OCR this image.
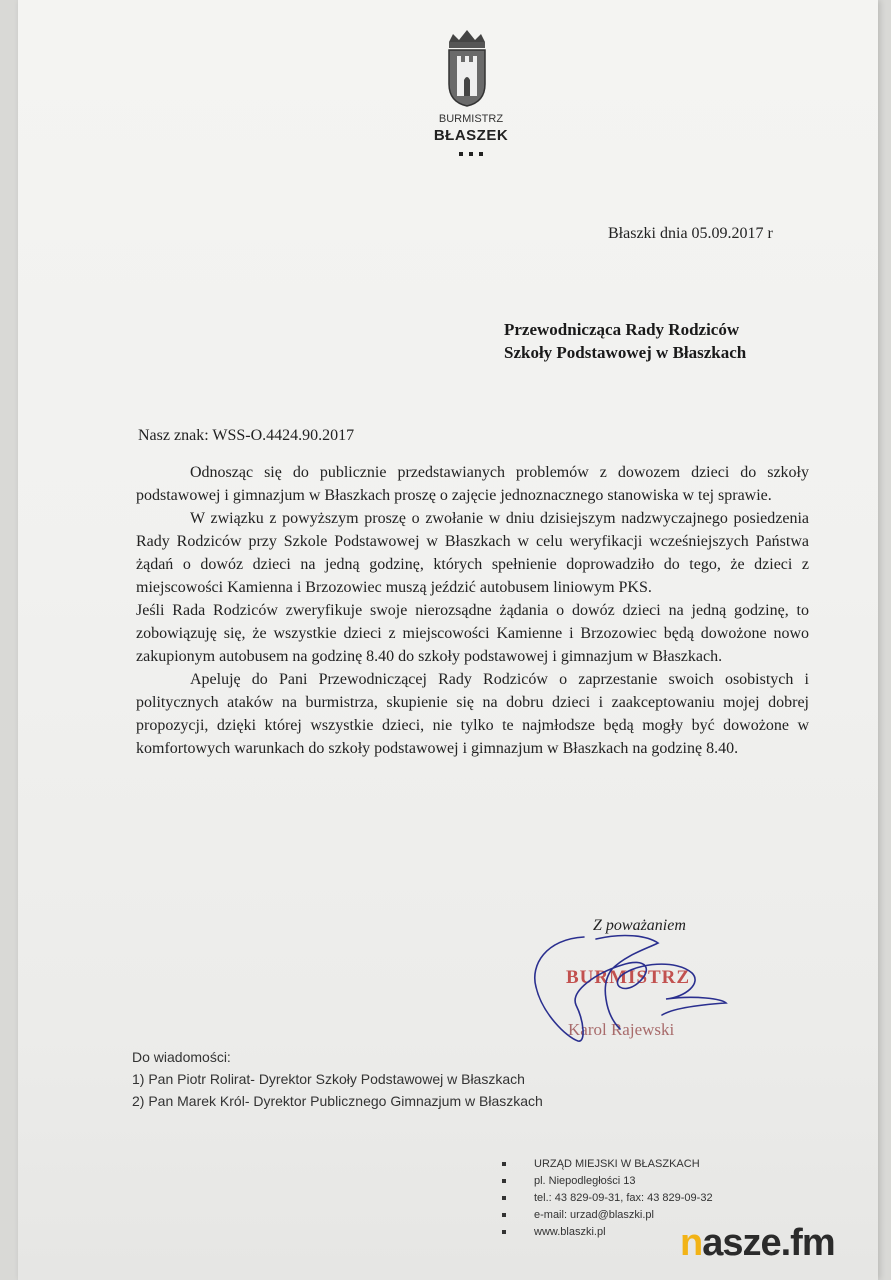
BURMISTRZ
BŁASZEK
Błaszki dnia 05.09.2017 r
Przewodnicząca Rady Rodziców
Szkoły Podstawowej w Błaszkach
Nasz znak: WSS-O.4424.90.2017

Odnosząc się do publicznie przedstawianych problemów z dowozem dzieci do szkoły podstawowej i gimnazjum w Błaszkach proszę o zajęcie jednoznacznego stanowiska w tej sprawie.

W związku z powyższym proszę o zwołanie w dniu dzisiejszym nadzwyczajnego posiedzenia Rady Rodziców przy Szkole Podstawowej w Błaszkach w celu weryfikacji wcześniejszych Państwa żądań o dowóz dzieci na jedną godzinę, których spełnienie doprowadziło do tego, że dzieci z miejscowości Kamienna i Brzozowiec muszą jeździć autobusem liniowym PKS.

Jeśli Rada Rodziców zweryfikuje swoje nierozsądne żądania o dowóz dzieci na jedną godzinę, to zobowiązuję się, że wszystkie dzieci z miejscowości Kamienne i Brzozowiec będą dowożone nowo zakupionym autobusem na godzinę 8.40 do szkoły podstawowej i gimnazjum w Błaszkach.

Apeluję do Pani Przewodniczącej Rady Rodziców o zaprzestanie swoich osobistych i politycznych ataków na burmistrza, skupienie się na dobru dzieci i zaakceptowaniu mojej dobrej propozycji, dzięki której wszystkie dzieci, nie tylko te najmłodsze będą mogły być dowożone w komfortowych warunkach do szkoły podstawowej i gimnazjum w Błaszkach na godzinę 8.40.

Z poważaniem
BURMISTRZ
Karol Rajewski
Do wiadomości:
1) Pan Piotr Rolirat- Dyrektor Szkoły Podstawowej w Błaszkach
2) Pan Marek Król- Dyrektor Publicznego Gimnazjum w Błaszkach
URZĄD MIEJSKI W BŁASZKACH
pl. Niepodległości 13
tel.: 43 829-09-31, fax: 43 829-09-32
e-mail: urzad@blaszki.pl
www.blaszki.pl nasze.fm
